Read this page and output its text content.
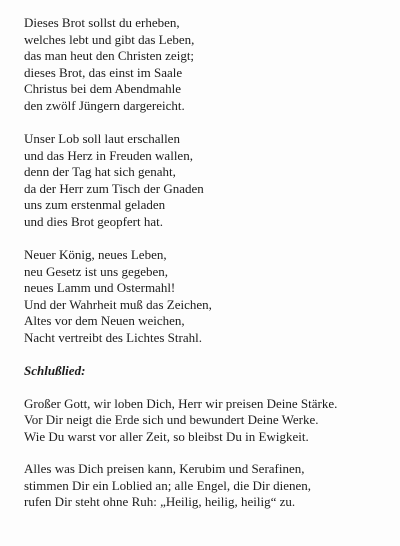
Dieses Brot sollst du erheben,
welches lebt und gibt das Leben,
das man heut den Christen zeigt;
dieses Brot, das einst im Saale
Christus bei dem Abendmahle
den zwölf Jüngern dargereicht.
Unser Lob soll laut erschallen
und das Herz in Freuden wallen,
denn der Tag hat sich genaht,
da der Herr zum Tisch der Gnaden
uns zum erstenmal geladen
und dies Brot geopfert hat.
Neuer König, neues Leben,
neu Gesetz ist uns gegeben,
neues Lamm und Ostermahl!
Und der Wahrheit muß das Zeichen,
Altes vor dem Neuen weichen,
Nacht vertreibt des Lichtes Strahl.
Schlußlied:
Großer Gott, wir loben Dich, Herr wir preisen Deine Stärke.
Vor Dir neigt die Erde sich und bewundert Deine Werke.
Wie Du warst vor aller Zeit, so bleibst Du in Ewigkeit.
Alles was Dich preisen kann, Kerubim und Serafinen,
stimmen Dir ein Loblied an; alle Engel, die Dir dienen,
rufen Dir steht ohne Ruh: „Heilig, heilig, heilig“ zu.
